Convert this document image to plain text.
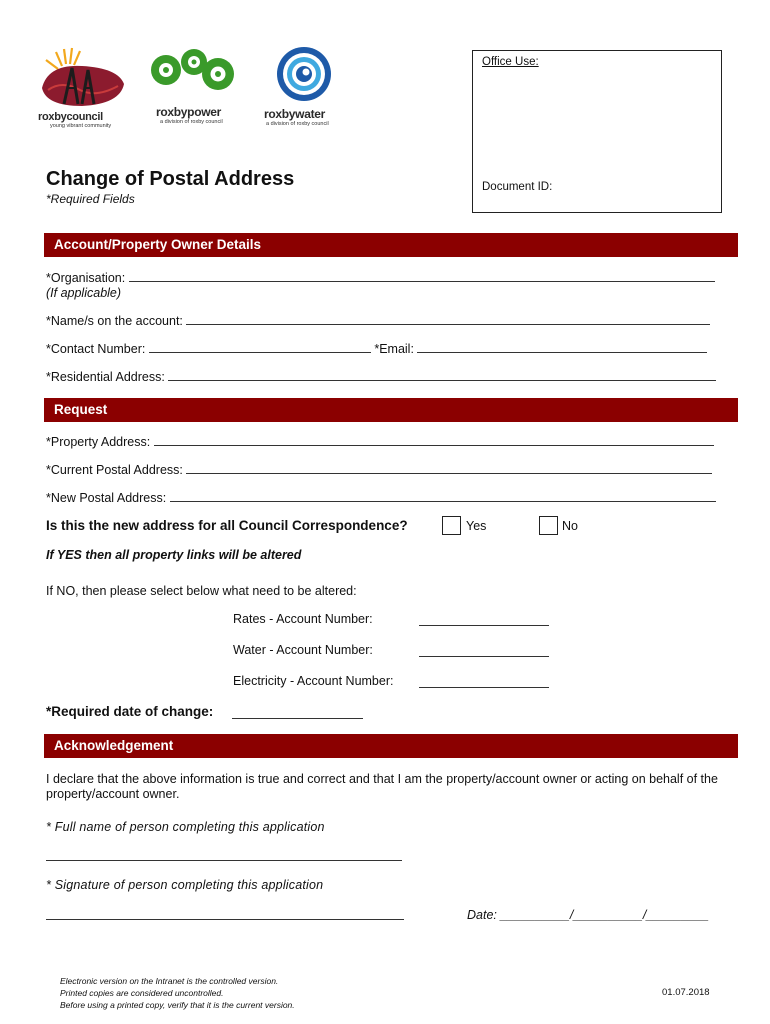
roxbycouncil
young vibrant community
roxbypower
a division of roxby council
roxbywater
a division of roxby council
Office Use:
Document ID:
Change of Postal Address
*Required Fields
Account/Property Owner Details
*Organisation:
(If applicable)
*Name/s on the account:
*Contact Number:	*Email:
*Residential Address:
Request
*Property Address:
*Current Postal Address:
*New Postal Address:
Is this the new address for all Council Correspondence?	Yes	No
If YES then all property links will be altered
If NO, then please select below what need to be altered:
Rates - Account Number:
Water - Account Number:
Electricity - Account Number:
*Required date of change:
Acknowledgement
I declare that the above information is true and correct and that I am the property/account owner or acting on behalf of the property/account owner.
* Full name of person completing this application
* Signature of person completing this application
Date: __________/__________/_________
Electronic version on the Intranet is the controlled version.
Printed copies are considered uncontrolled.
Before using a printed copy, verify that it is the current version.
01.07.2018
